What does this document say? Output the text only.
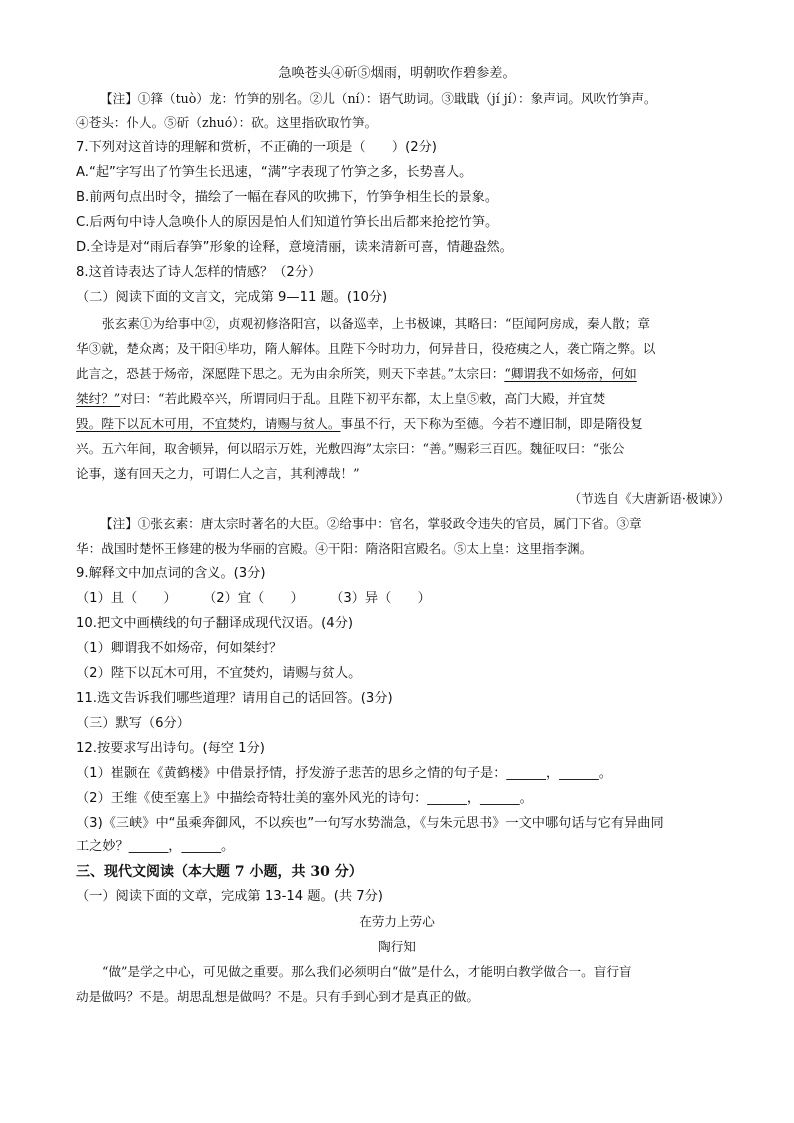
急唤苍头④斫⑤烟雨，明朝吹作碧参差。
【注】①箨（tuò）龙：竹笋的别名。②儿（ní）：语气助词。③戢戢（jí jí）：象声词。风吹竹笋声。
④苍头：仆人。⑤斫（zhuó）：砍。这里指砍取竹笋。
7.下列对这首诗的理解和赏析，不正确的一项是（　　）(2分)
A.“起”字写出了竹笋生长迅速，“满”字表现了竹笋之多，长势喜人。
B.前两句点出时令，描绘了一幅在春风的吹拂下，竹笋争相生长的景象。
C.后两句中诗人急唤仆人的原因是怕人们知道竹笋长出后都来抢挖竹笋。
D.全诗是对“雨后春笋”形象的诠释，意境清丽，读来清新可喜，情趣盎然。
8.这首诗表达了诗人怎样的情感？（2分）
（二）阅读下面的文言文，完成第 9—11 题。(10分)
张玄素①为给事中②，贞观初修洛阳宫，以备巡幸，上书极谏，其略曰：“臣闻阿房成，秦人散；章
华③就，楚众离；及干阳④毕功，隋人解体。且陛下今时功力，何异昔日，役疮痍之人，袭亡隋之弊。以
此言之，恐甚于炀帝，深愿陛下思之。无为由余所笑，则天下幸甚。”太宗曰：“卿谓我不如炀帝，何如
桀纣？”对曰：“若此殿卒兴，所谓同归于乱。且陛下初平东都，太上皇⑤敕，高门大殿，并宜焚
毁。陛下以瓦木可用，不宜焚灼，请赐与贫人。事虽不行，天下称为至德。今若不遵旧制，即是隋役复
兴。五六年间，取舍顿异，何以昭示万姓，光敷四海”太宗曰：“善。”赐彩三百匹。魏征叹曰：“张公
论事，遂有回天之力，可谓仁人之言，其利溥哉！”
（节选自《大唐新语·极谏》）
【注】①张玄素：唐太宗时著名的大臣。②给事中：官名，掌驳政令违失的官员，属门下省。③章
华：战国时楚怀王修建的极为华丽的宫殿。④干阳：隋洛阳宫殿名。⑤太上皇：这里指李渊。
9.解释文中加点词的含义。(3分)
（1）且（　　）　　　（2）宜（　　）　　　（3）异（　　）
10.把文中画横线的句子翻译成现代汉语。(4分)
（1）卿谓我不如炀帝，何如桀纣？
（2）陛下以瓦木可用，不宜焚灼，请赐与贫人。
11.选文告诉我们哪些道理？请用自己的话回答。(3分)
（三）默写（6分）
12.按要求写出诗句。(每空 1分)
（1）崔颢在《黄鹤楼》中借景抒情，抒发游子悲苦的思乡之情的句子是：______，______。
（2）王维《使至塞上》中描绘奇特壮美的塞外风光的诗句：______，______。
（3)《三峡》中“虽乘奔御风，不以疾也”一句写水势湍急，《与朱元思书》一文中哪句话与它有异曲同
工之妙？______，______。
三、现代文阅读（本大题 7 小题，共 30 分）
（一）阅读下面的文章，完成第 13-14 题。(共 7分)
在劳力上劳心
陶行知
“做”是学之中心，可见做之重要。那么我们必须明白“做”是什么，才能明白教学做合一。盲行盲
动是做吗？不是。胡思乱想是做吗？不是。只有手到心到才是真正的做。
